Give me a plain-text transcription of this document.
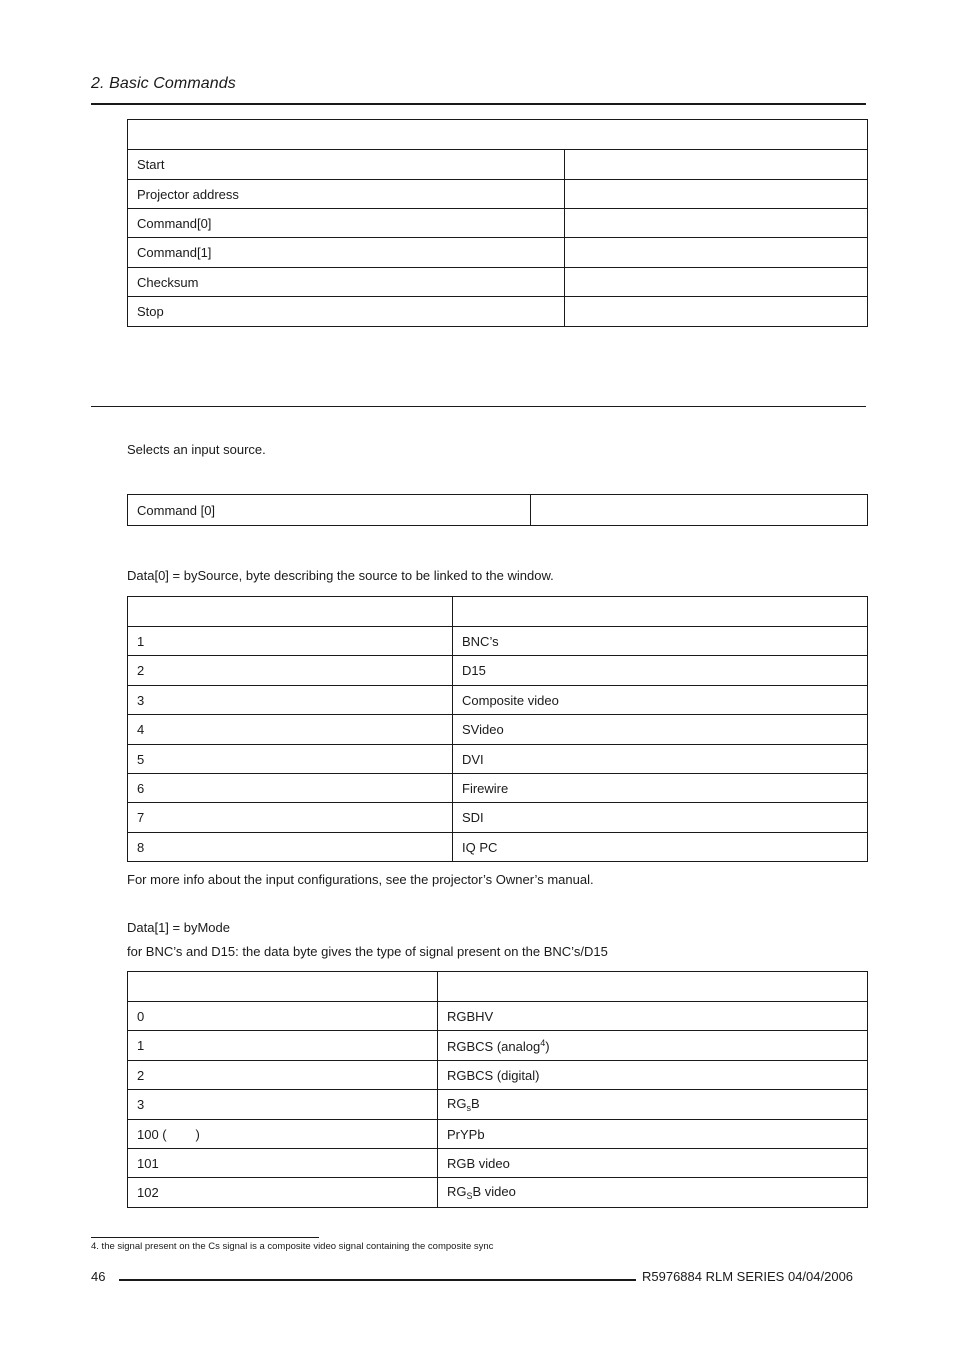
2. Basic Commands

Start	
Projector address	
Command[0]	
Command[1]	
Checksum	
Stop	
Selects an input source.
Command [0]	
Data[0] = bySource, byte describing the source to be linked to the window.

1	BNC’s
2	D15
3	Composite video
4	SVideo
5	DVI
6	Firewire
7	SDI
8	IQ PC
For more info about the input configurations, see the projector’s Owner’s manual.
Data[1] = byMode
for BNC’s and D15: the data byte gives the type of signal present on the BNC’s/D15

0	RGBHV
1	RGBCS (analog$^4$)
2	RGBCS (digital)
3	$RG_sB$
100 (        )	PrYPb
101	RGB video
102	$RG_SB$ video
4. the signal present on the Cs signal is a composite video signal containing the composite sync
46	R5976884 RLM SERIES 04/04/2006
